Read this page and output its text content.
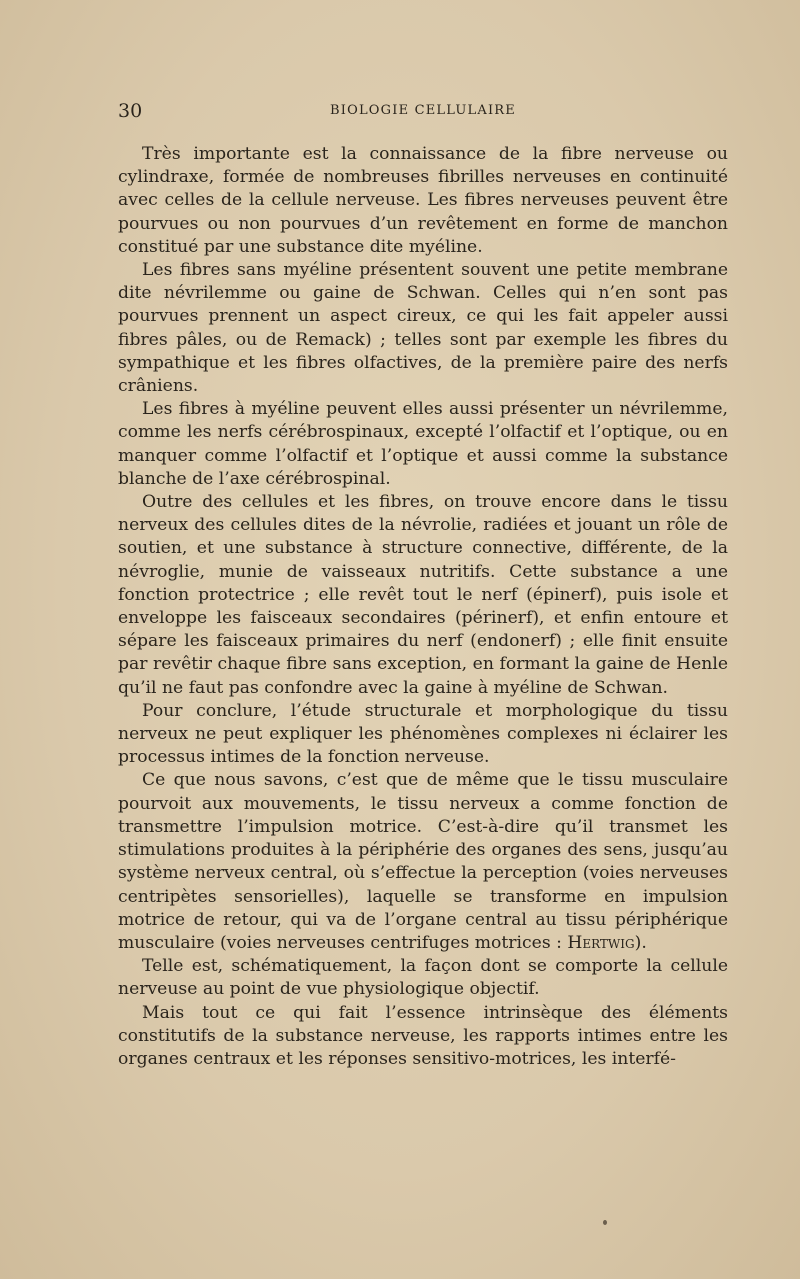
30	BIOLOGIE CELLULAIRE

Très importante est la connaissance de la fibre nerveuse ou cylindraxe, formée de nombreuses fibrilles nerveuses en continuité avec celles de la cellule nerveuse. Les fibres nerveuses peuvent être pourvues ou non pourvues d’un revêtement en forme de manchon constitué par une substance dite myéline.

Les fibres sans myéline présentent souvent une petite membrane dite névrilemme ou gaine de Schwan. Celles qui n’en sont pas pourvues prennent un aspect cireux, ce qui les fait appeler aussi fibres pâles, ou de Remack) ; telles sont par exemple les fibres du sympathique et les fibres olfactives, de la première paire des nerfs crâniens.

Les fibres à myéline peuvent elles aussi présenter un névrilemme, comme les nerfs cérébrospinaux, excepté l’olfactif et l’optique, ou en manquer comme l’olfactif et l’optique et aussi comme la substance blanche de l’axe cérébrospinal.

Outre des cellules et les fibres, on trouve encore dans le tissu nerveux des cellules dites de la névrolie, radiées et jouant un rôle de soutien, et une substance à structure connective, différente, de la névroglie, munie de vaisseaux nutritifs. Cette substance a une fonction protectrice ; elle revêt tout le nerf (épinerf), puis isole et enveloppe les faisceaux secondaires (périnerf), et enfin entoure et sépare les faisceaux primaires du nerf (endonerf) ; elle finit ensuite par revêtir chaque fibre sans exception, en formant la gaine de Henle qu’il ne faut pas confondre avec la gaine à myéline de Schwan.

Pour conclure, l’étude structurale et morphologique du tissu nerveux ne peut expliquer les phénomènes complexes ni éclairer les processus intimes de la fonction nerveuse.

Ce que nous savons, c’est que de même que le tissu musculaire pourvoit aux mouvements, le tissu nerveux a comme fonction de transmettre l’impulsion motrice. C’est-à-dire qu’il transmet les stimulations produites à la périphérie des organes des sens, jusqu’au système nerveux central, où s’effectue la perception (voies nerveuses centripètes sensorielles), laquelle se transforme en impulsion motrice de retour, qui va de l’organe central au tissu périphérique musculaire (voies nerveuses centrifuges motrices : Hertwig).

Telle est, schématiquement, la façon dont se comporte la cellule nerveuse au point de vue physiologique objectif.

Mais tout ce qui fait l’essence intrinsèque des éléments constitutifs de la substance nerveuse, les rapports intimes entre les organes centraux et les réponses sensitivo-motrices, les interfé-
